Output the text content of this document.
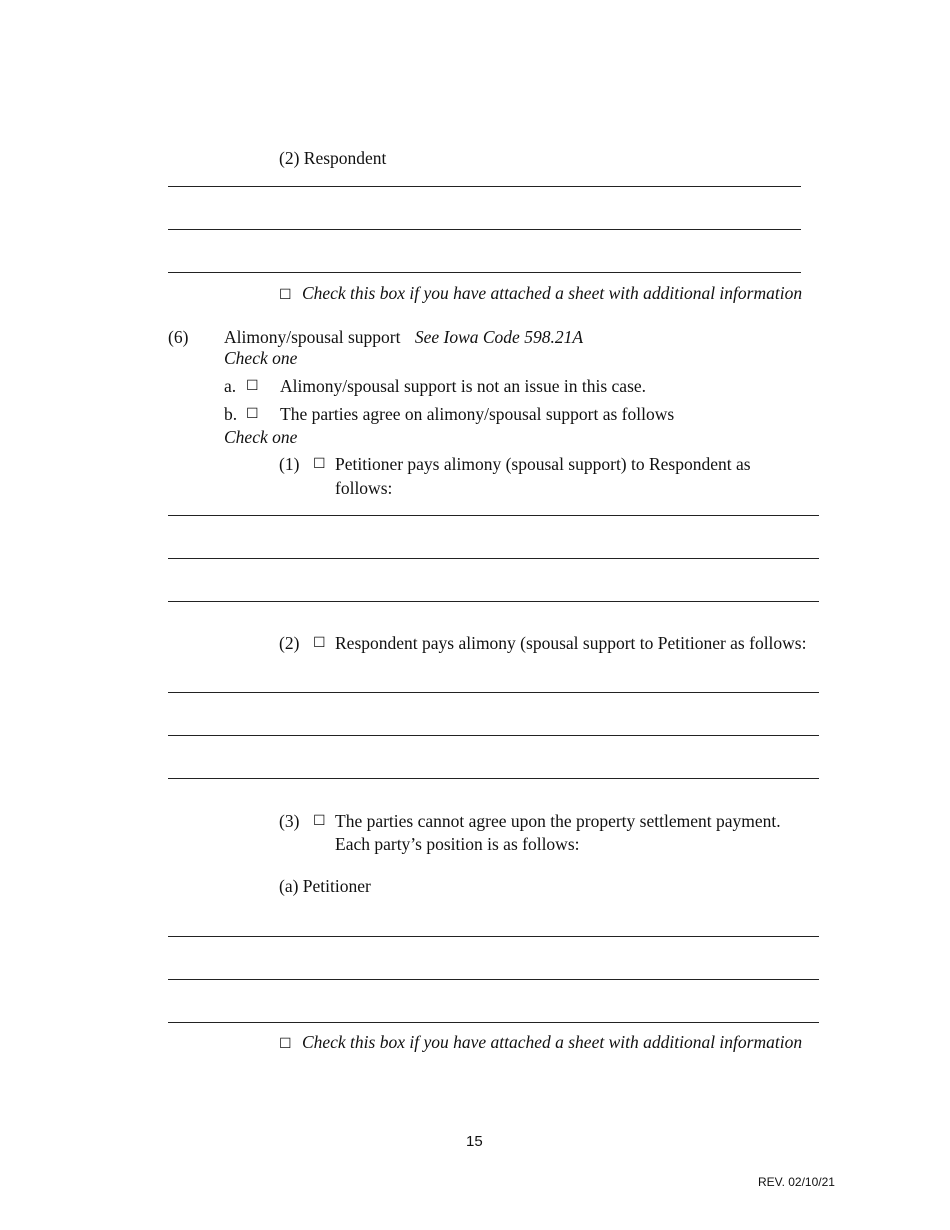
(2) Respondent
☐ Check this box if you have attached a sheet with additional information
(6) Alimony/spousal support See Iowa Code 598.21A
Check one
a. ☐ Alimony/spousal support is not an issue in this case.
b. ☐ The parties agree on alimony/spousal support as follows
Check one
(1) ☐ Petitioner pays alimony (spousal support) to Respondent as
follows:
(2) ☐ Respondent pays alimony (spousal support to Petitioner as follows:
(3) ☐ The parties cannot agree upon the property settlement payment.
Each party’s position is as follows:
(a) Petitioner
☐ Check this box if you have attached a sheet with additional information
15
REV. 02/10/21
